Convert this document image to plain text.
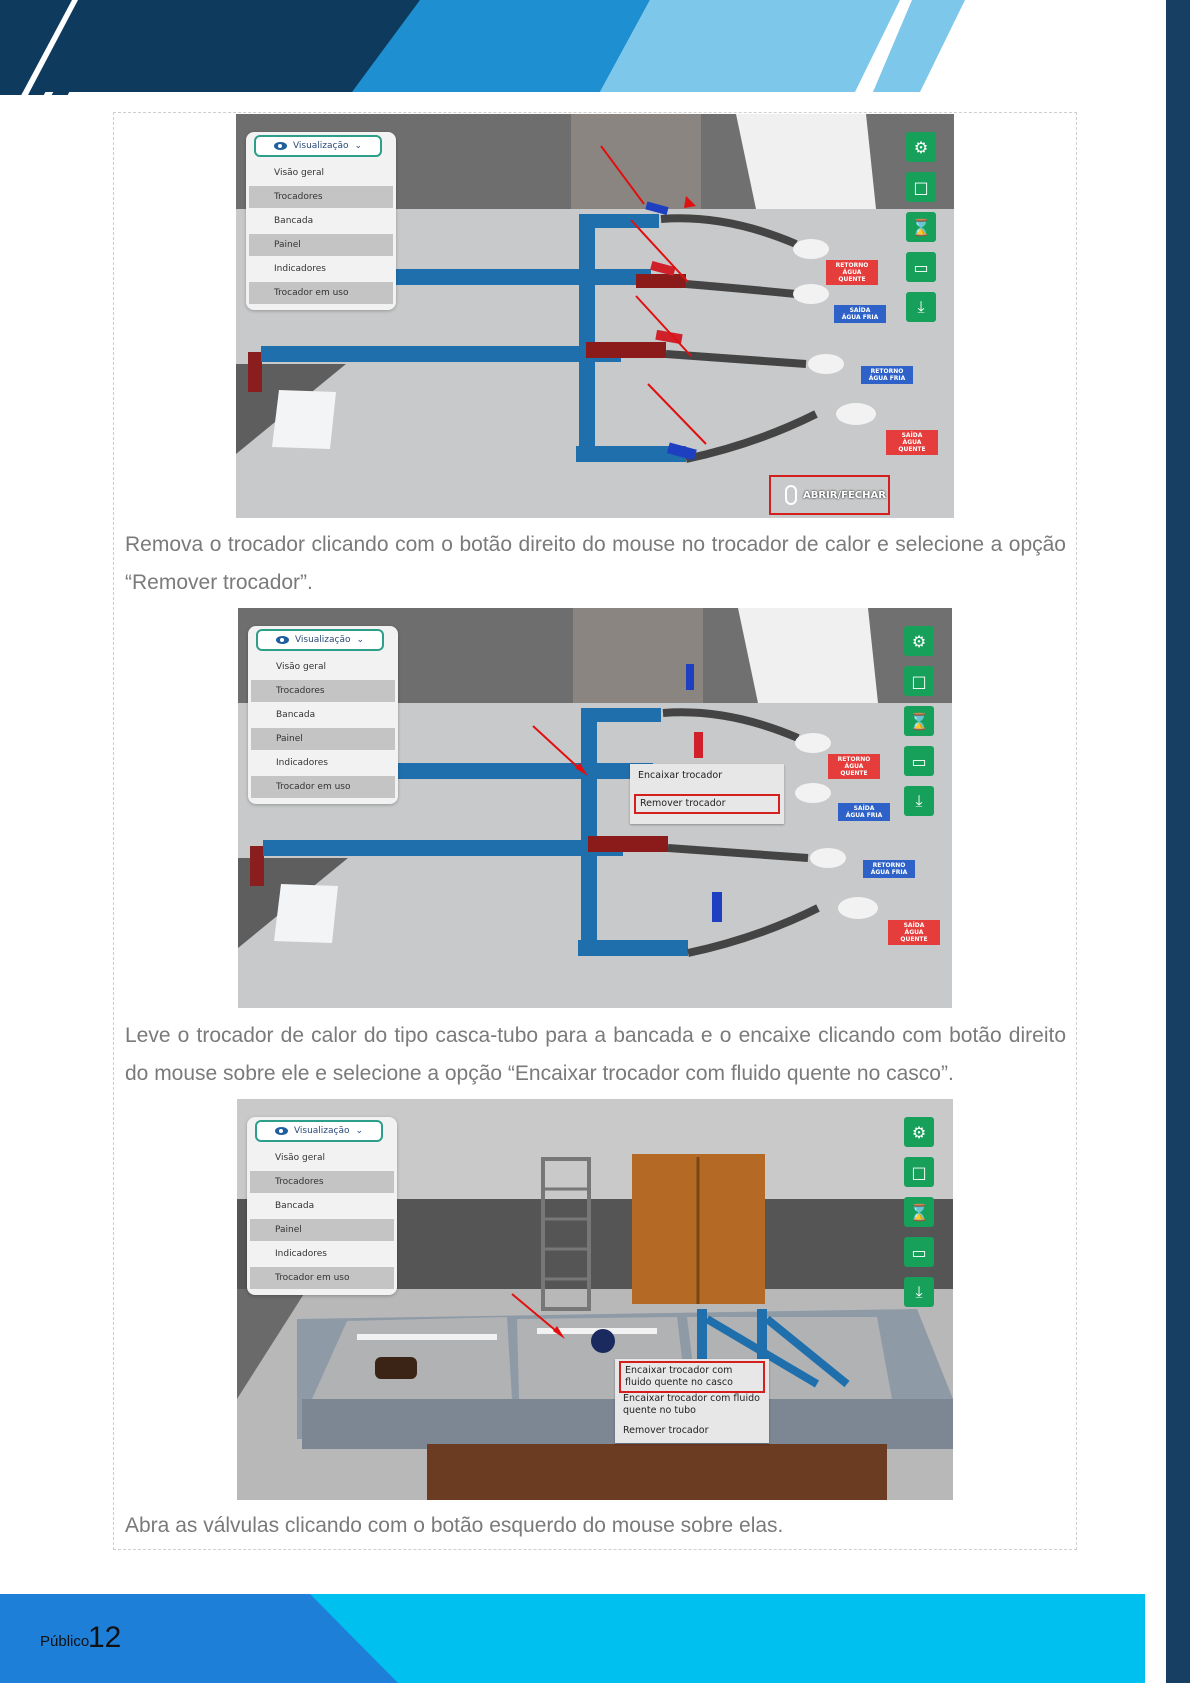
RETORNO ÁGUA QUENTE
SAÍDA ÁGUA FRIA
RETORNO ÁGUA FRIA
SAÍDA ÁGUA QUENTE
Visualização ⌄
Visão geral
Trocadores
Bancada
Painel
Indicadores
Trocador em uso
⚙
□
⌛
▭
⤓
ABRIR/FECHAR

Remova o trocador clicando com o botão direito do mouse no trocador de calor e selecione a opção “Remover trocador”.

RETORNO ÁGUA QUENTE
SAÍDA ÁGUA FRIA
RETORNO ÁGUA FRIA
SAÍDA ÁGUA QUENTE
Visualização ⌄
Visão geral
Trocadores
Bancada
Painel
Indicadores
Trocador em uso
⚙
□
⌛
▭
⤓
Encaixar trocador
Remover trocador

Leve o trocador de calor do tipo casca-tubo para a bancada e o encaixe clicando com botão direito do mouse sobre ele e selecione a opção “Encaixar trocador com fluido quente no casco”.

Visualização ⌄
Visão geral
Trocadores
Bancada
Painel
Indicadores
Trocador em uso
⚙
□
⌛
▭
⤓
Encaixar trocador com fluido quente no casco
Encaixar trocador com fluido quente no tubo
Remover trocador

Abra as válvulas clicando com o botão esquerdo do mouse sobre elas.

Público
12
